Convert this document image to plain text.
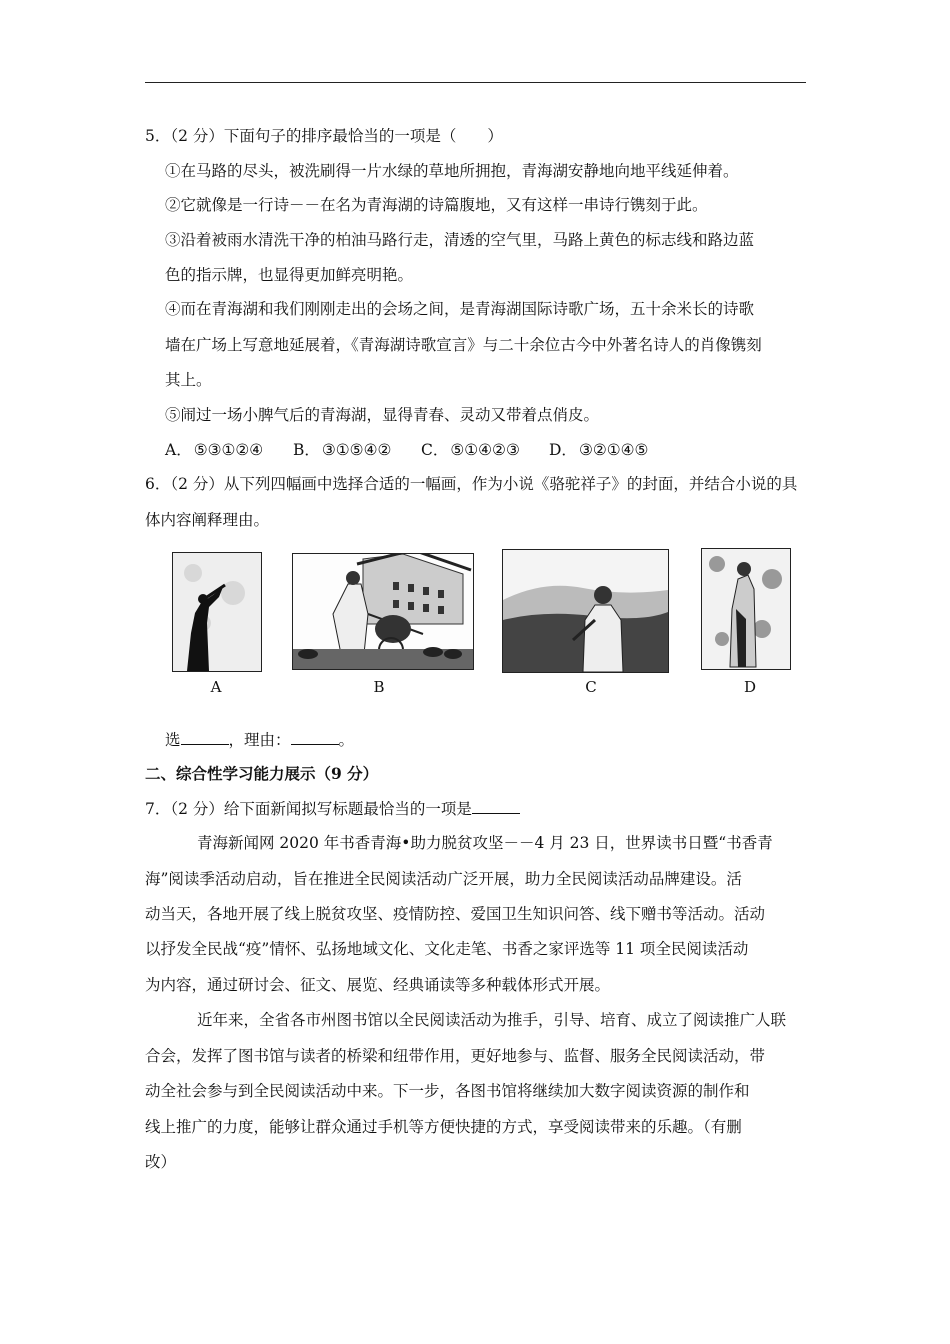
5．（2 分）下面句子的排序最恰当的一项是（　　）
①在马路的尽头，被洗刷得一片水绿的草地所拥抱，青海湖安静地向地平线延伸着。
②它就像是一行诗－－在名为青海湖的诗篇腹地，又有这样一串诗行镌刻于此。
③沿着被雨水清洗干净的柏油马路行走，清透的空气里，马路上黄色的标志线和路边蓝
色的指示牌，也显得更加鲜亮明艳。
④而在青海湖和我们刚刚走出的会场之间，是青海湖国际诗歌广场，五十余米长的诗歌
墙在广场上写意地延展着，《青海湖诗歌宣言》与二十余位古今中外著名诗人的肖像镌刻
其上。
⑤闹过一场小脾气后的青海湖，显得青春、灵动又带着点俏皮。
A． ⑤③①②④ B． ③①⑤④② C． ⑤①④②③ D． ③②①④⑤
6．（2 分）从下列四幅画中选择合适的一幅画，作为小说《骆驼祥子》的封面，并结合小说的具
体内容阐释理由。
A	B	C	D
选	，理由：	。
二、综合性学习能力展示（9 分）
7．（2 分）给下面新闻拟写标题最恰当的一项是
青海新闻网 2020 年书香青海•助力脱贫攻坚－－4 月 23 日，世界读书日暨“书香青
海”阅读季活动启动，旨在推进全民阅读活动广泛开展，助力全民阅读活动品牌建设。活
动当天，各地开展了线上脱贫攻坚、疫情防控、爱国卫生知识问答、线下赠书等活动。活动
以抒发全民战“疫”情怀、弘扬地域文化、文化走笔、书香之家评选等 11 项全民阅读活动
为内容，通过研讨会、征文、展览、经典诵读等多种载体形式开展。
近年来，全省各市州图书馆以全民阅读活动为推手，引导、培育、成立了阅读推广人联
合会，发挥了图书馆与读者的桥梁和纽带作用，更好地参与、监督、服务全民阅读活动，带
动全社会参与到全民阅读活动中来。下一步，各图书馆将继续加大数字阅读资源的制作和
线上推广的力度，能够让群众通过手机等方便快捷的方式，享受阅读带来的乐趣。（有删
改）
